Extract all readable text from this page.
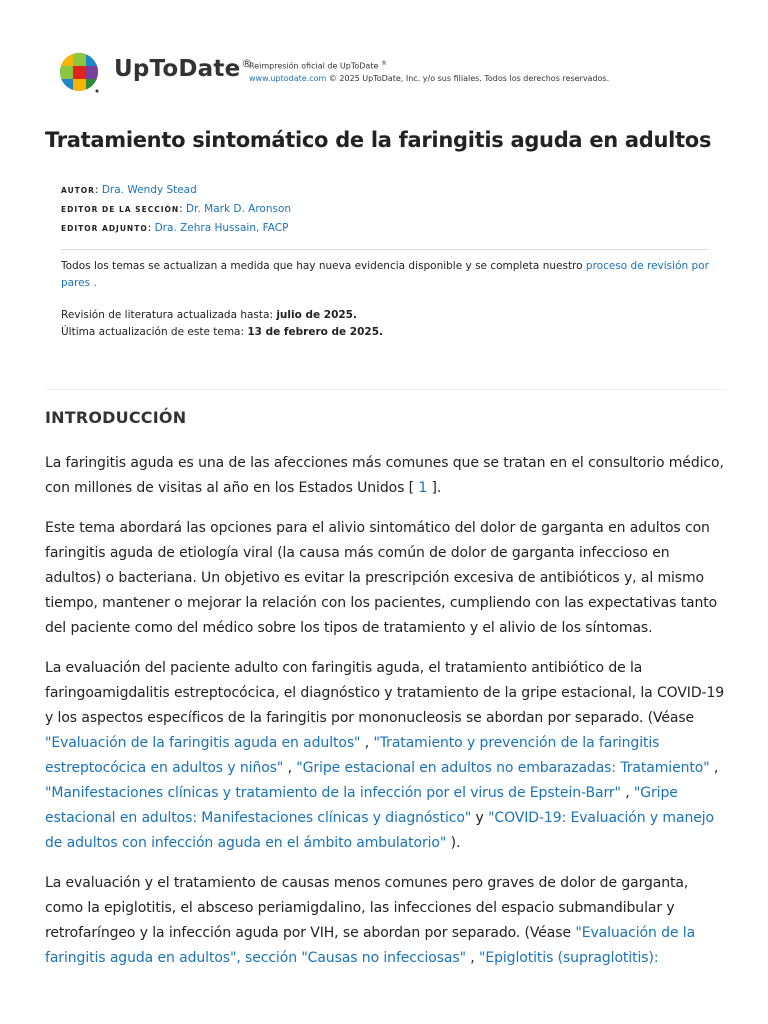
UpToDate®
Reimpresión oficial de UpToDate ®
www.uptodate.com © 2025 UpToDate, Inc. y/o sus filiales. Todos los derechos reservados.
Tratamiento sintomático de la faringitis aguda en adultos
AUTOR: Dra. Wendy Stead
EDITOR DE LA SECCIÓN: Dr. Mark D. Aronson
EDITOR ADJUNTO: Dra. Zehra Hussain, FACP
Todos los temas se actualizan a medida que hay nueva evidencia disponible y se completa nuestro proceso de revisión por pares .
Revisión de literatura actualizada hasta: julio de 2025.
Última actualización de este tema: 13 de febrero de 2025.
INTRODUCCIÓN

La faringitis aguda es una de las afecciones más comunes que se tratan en el consultorio médico, con millones de visitas al año en los Estados Unidos [ 1 ].

Este tema abordará las opciones para el alivio sintomático del dolor de garganta en adultos con faringitis aguda de etiología viral (la causa más común de dolor de garganta infeccioso en adultos) o bacteriana. Un objetivo es evitar la prescripción excesiva de antibióticos y, al mismo tiempo, mantener o mejorar la relación con los pacientes, cumpliendo con las expectativas tanto del paciente como del médico sobre los tipos de tratamiento y el alivio de los síntomas.

La evaluación del paciente adulto con faringitis aguda, el tratamiento antibiótico de la faringoamigdalitis estreptocócica, el diagnóstico y tratamiento de la gripe estacional, la COVID-19 y los aspectos específicos de la faringitis por mononucleosis se abordan por separado. (Véase "Evaluación de la faringitis aguda en adultos" , "Tratamiento y prevención de la faringitis estreptocócica en adultos y niños" , "Gripe estacional en adultos no embarazadas: Tratamiento" , "Manifestaciones clínicas y tratamiento de la infección por el virus de Epstein-Barr" , "Gripe estacional en adultos: Manifestaciones clínicas y diagnóstico" y "COVID-19: Evaluación y manejo de adultos con infección aguda en el ámbito ambulatorio" ).

La evaluación y el tratamiento de causas menos comunes pero graves de dolor de garganta, como la epiglotitis, el absceso periamigdalino, las infecciones del espacio submandibular y retrofaríngeo y la infección aguda por VIH, se abordan por separado. (Véase "Evaluación de la faringitis aguda en adultos", sección "Causas no infecciosas" , "Epiglotitis (supraglotitis):
